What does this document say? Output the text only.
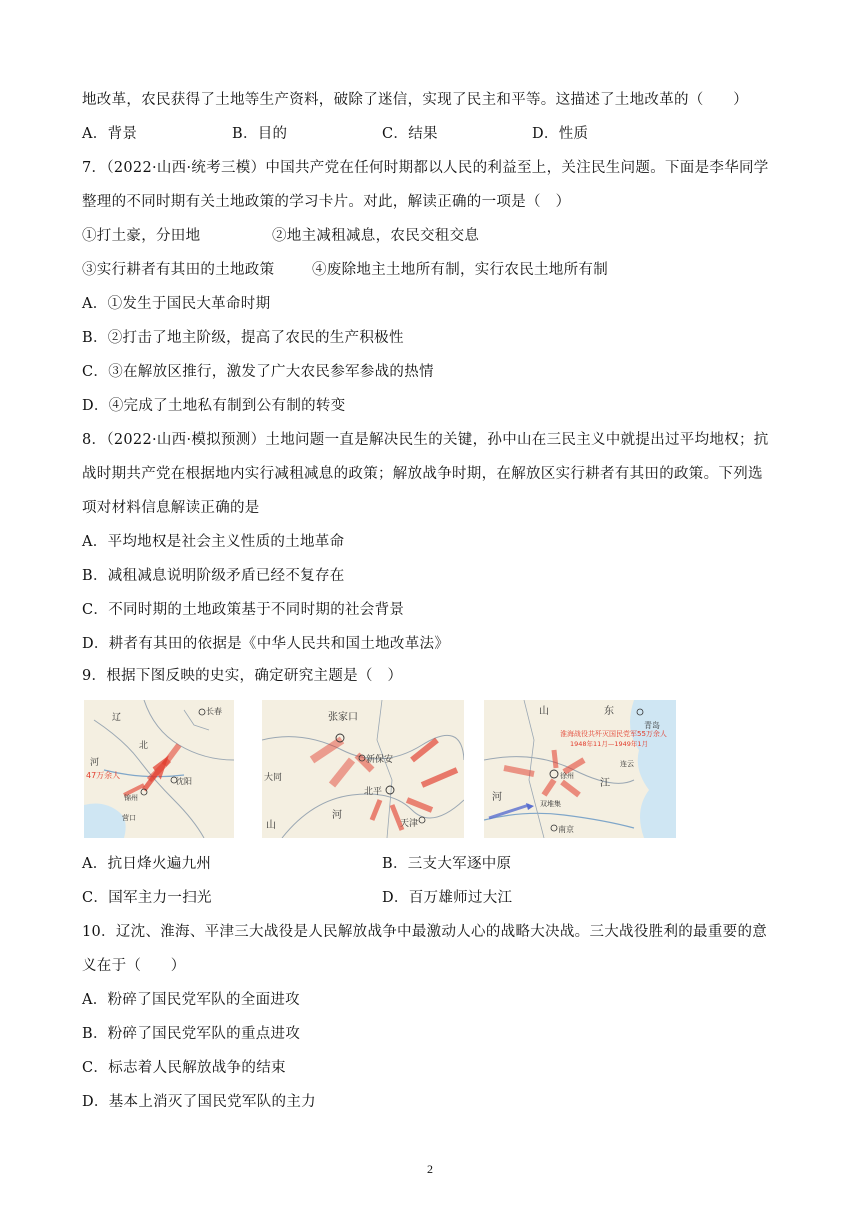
地改革，农民获得了土地等生产资料，破除了迷信，实现了民主和平等。这描述了土地改革的（　　）
A．背景	B．目的	C．结果	D．性质
7．（2022·山西·统考三模）中国共产党在任何时期都以人民的利益至上，关注民生问题。下面是李华同学
整理的不同时期有关土地政策的学习卡片。对此，解读正确的一项是（　）
①打土豪，分田地	②地主减租减息，农民交租交息
③实行耕者有其田的土地政策	④废除地主土地所有制，实行农民土地所有制
A．①发生于国民大革命时期
B．②打击了地主阶级，提高了农民的生产积极性
C．③在解放区推行，激发了广大农民参军参战的热情
D．④完成了土地私有制到公有制的转变
8．（2022·山西·模拟预测）土地问题一直是解决民生的关键，孙中山在三民主义中就提出过平均地权；抗
战时期共产党在根据地内实行减租减息的政策；解放战争时期，在解放区实行耕者有其田的政策。下列选
项对材料信息解读正确的是
A．平均地权是社会主义性质的土地革命
B．减租减息说明阶级矛盾已经不复存在
C．不同时期的土地政策基于不同时期的社会背景
D．耕者有其田的依据是《中华人民共和国土地改革法》
9．根据下图反映的史实，确定研究主题是（　）
辽
长春
北
47万余人
锦州
沈阳
营口
河
张家口
新保安
大同
北平
天津
河
山
山	东
青岛
淮海战役共歼灭国民党军55万余人
1948年11月—1949年1月
徐州
江
连云
南京
双堆集
河
A．抗日烽火遍九州	B．三支大军逐中原
C．国军主力一扫光	D．百万雄师过大江
10．辽沈、淮海、平津三大战役是人民解放战争中最激动人心的战略大决战。三大战役胜利的最重要的意
义在于（　　）
A．粉碎了国民党军队的全面进攻
B．粉碎了国民党军队的重点进攻
C．标志着人民解放战争的结束
D．基本上消灭了国民党军队的主力
2
